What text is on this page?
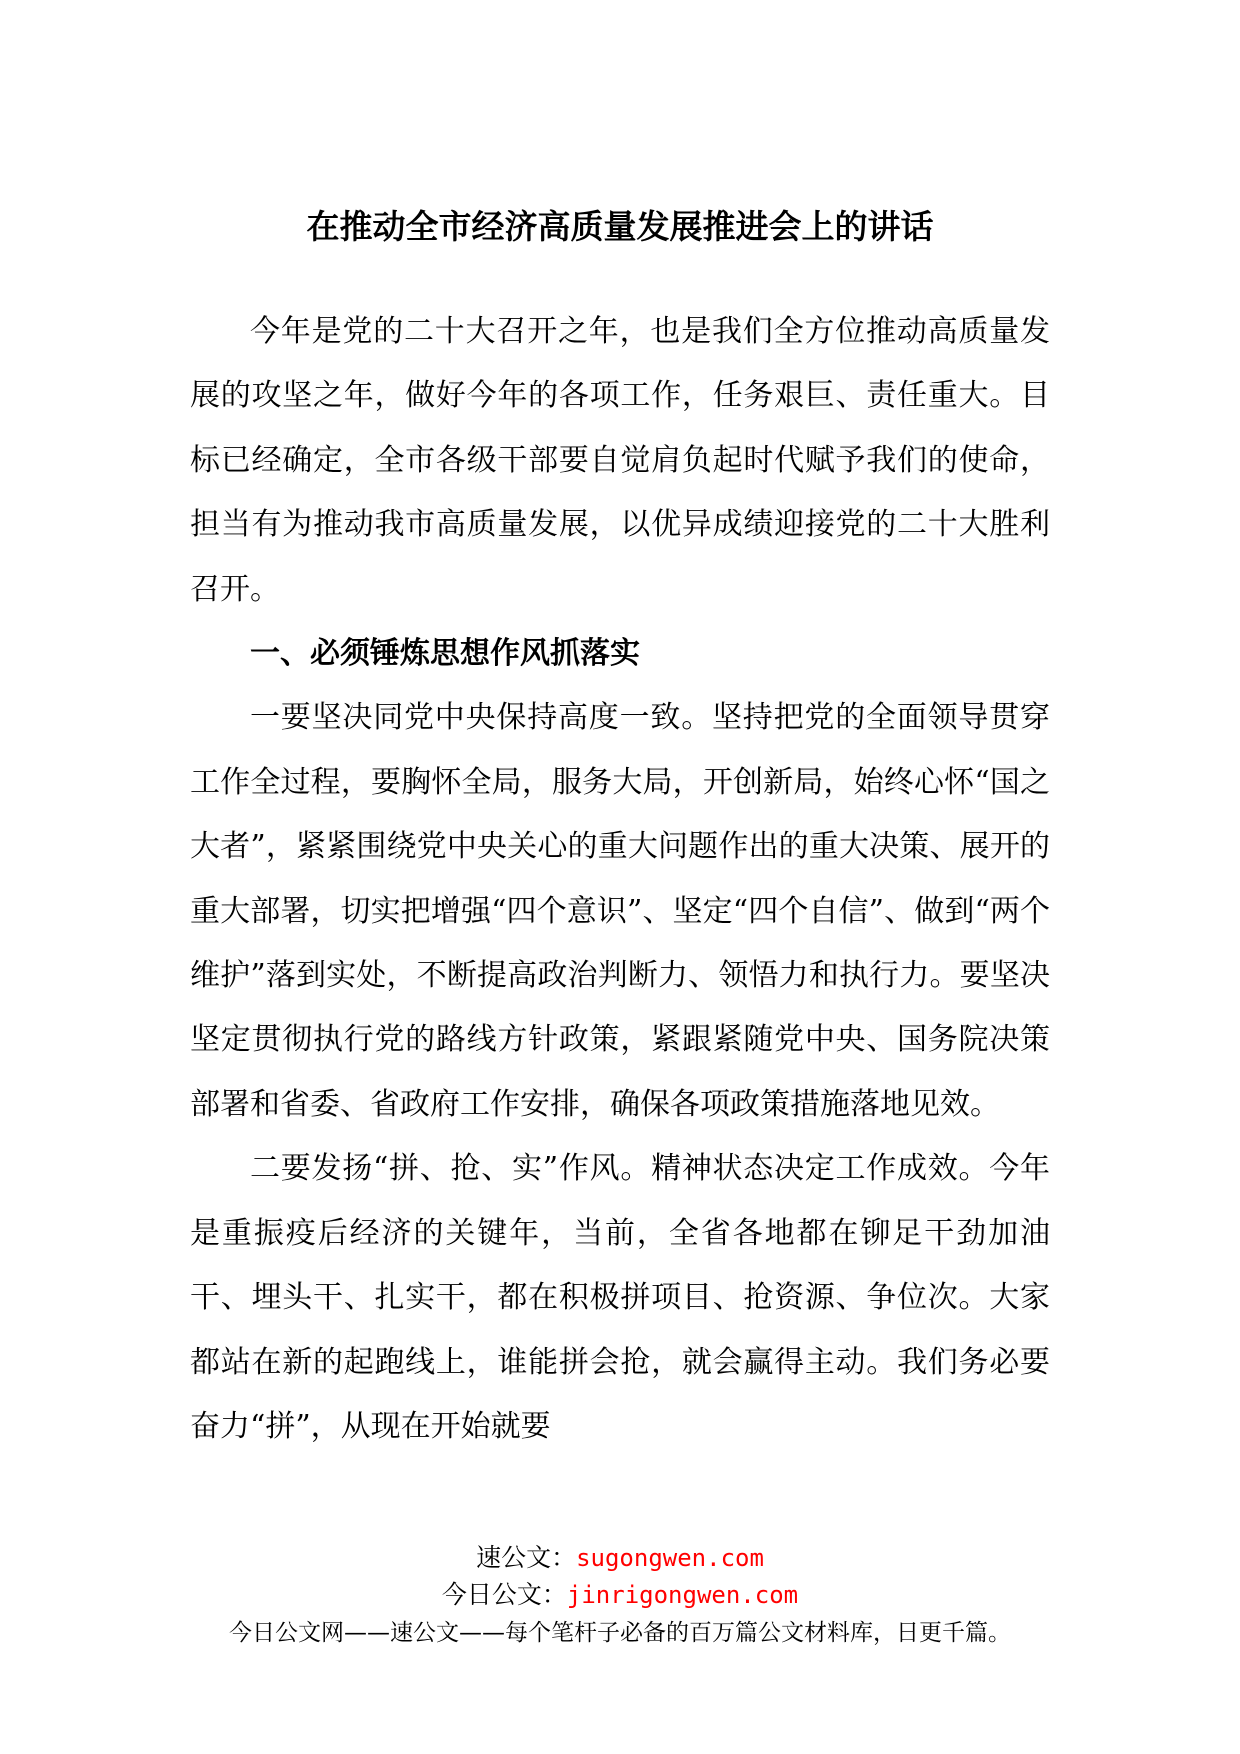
在推动全市经济高质量发展推进会上的讲话

今年是党的二十大召开之年，也是我们全方位推动高质量发展的攻坚之年，做好今年的各项工作，任务艰巨、责任重大。目标已经确定，全市各级干部要自觉肩负起时代赋予我们的使命，担当有为推动我市高质量发展，以优异成绩迎接党的二十大胜利召开。

一、必须锤炼思想作风抓落实

一要坚决同党中央保持高度一致。坚持把党的全面领导贯穿工作全过程，要胸怀全局，服务大局，开创新局，始终心怀“国之大者”，紧紧围绕党中央关心的重大问题作出的重大决策、展开的重大部署，切实把增强“四个意识”、坚定“四个自信”、做到“两个维护”落到实处，不断提高政治判断力、领悟力和执行力。要坚决坚定贯彻执行党的路线方针政策，紧跟紧随党中央、国务院决策部署和省委、省政府工作安排，确保各项政策措施落地见效。

二要发扬“拼、抢、实”作风。精神状态决定工作成效。今年是重振疫后经济的关键年，当前，全省各地都在铆足干劲加油干、埋头干、扎实干，都在积极拼项目、抢资源、争位次。大家都站在新的起跑线上，谁能拼会抢，就会赢得主动。我们务必要奋力“拼”，从现在开始就要

速公文：sugongwen.com
今日公文：jinrigongwen.com
今日公文网——速公文——每个笔杆子必备的百万篇公文材料库，日更千篇。
